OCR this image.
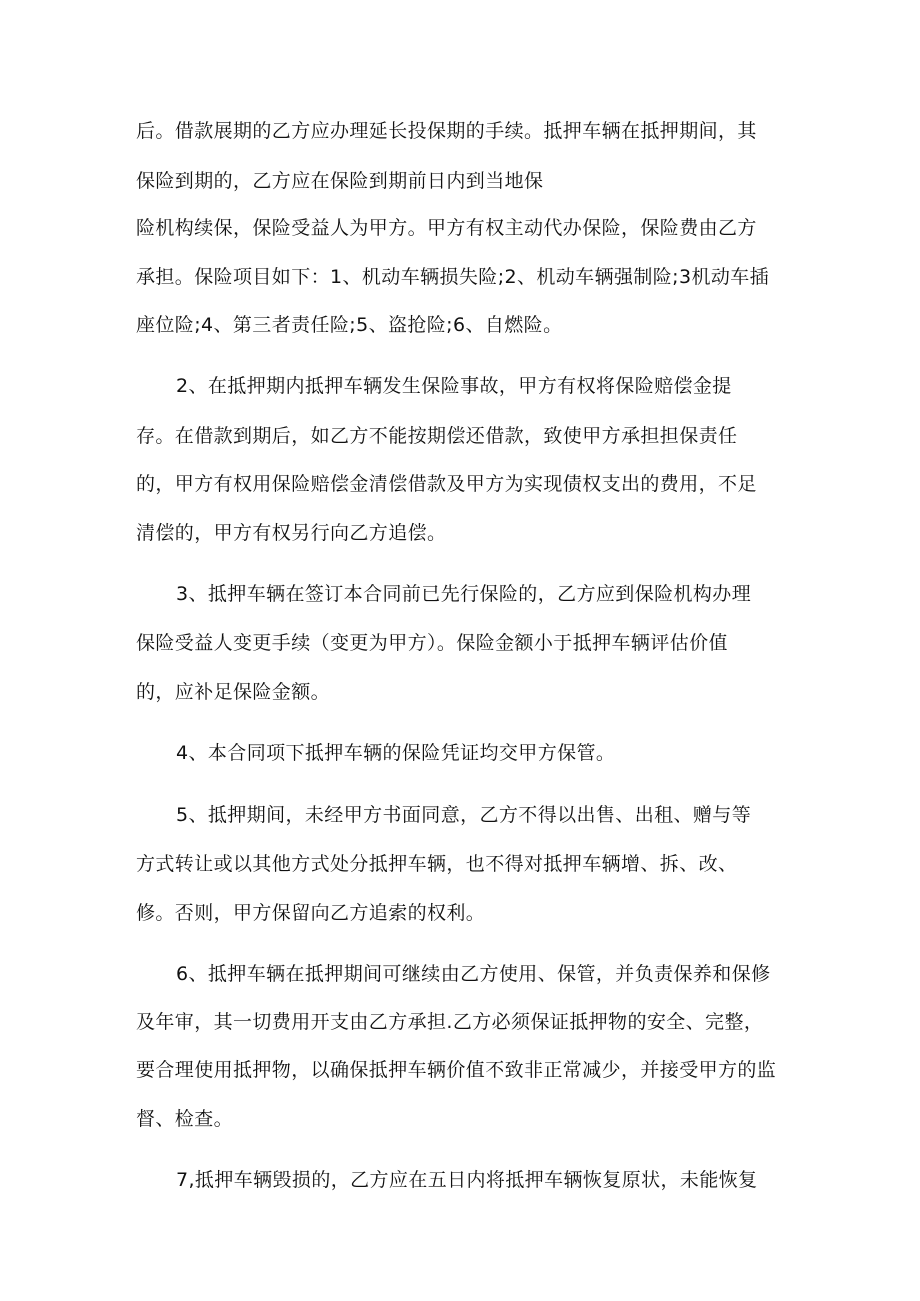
后。借款展期的乙方应办理延长投保期的手续。抵押车辆在抵押期间，其
保险到期的，乙方应在保险到期前日内到当地保
险机构续保，保险受益人为甲方。甲方有权主动代办保险，保险费由乙方
承担。保险项目如下：1、机动车辆损失险;2、机动车辆强制险;3机动车插
座位险;4、第三者责任险;5、盗抢险;6、自燃险。
2、在抵押期内抵押车辆发生保险事故，甲方有权将保险赔偿金提
存。在借款到期后，如乙方不能按期偿还借款，致使甲方承担担保责任
的，甲方有权用保险赔偿金清偿借款及甲方为实现债权支出的费用，不足
清偿的，甲方有权另行向乙方追偿。
3、抵押车辆在签订本合同前已先行保险的，乙方应到保险机构办理
保险受益人变更手续（变更为甲方）。保险金额小于抵押车辆评估价值
的，应补足保险金额。
4、本合同项下抵押车辆的保险凭证均交甲方保管。
5、抵押期间，未经甲方书面同意，乙方不得以出售、出租、赠与等
方式转让或以其他方式处分抵押车辆，也不得对抵押车辆增、拆、改、
修。否则，甲方保留向乙方追索的权利。
6、抵押车辆在抵押期间可继续由乙方使用、保管，并负责保养和保修
及年审，其一切费用开支由乙方承担.乙方必须保证抵押物的安全、完整，
要合理使用抵押物，以确保抵押车辆价值不致非正常减少，并接受甲方的监
督、检查。
7,抵押车辆毁损的，乙方应在五日内将抵押车辆恢复原状，未能恢复
